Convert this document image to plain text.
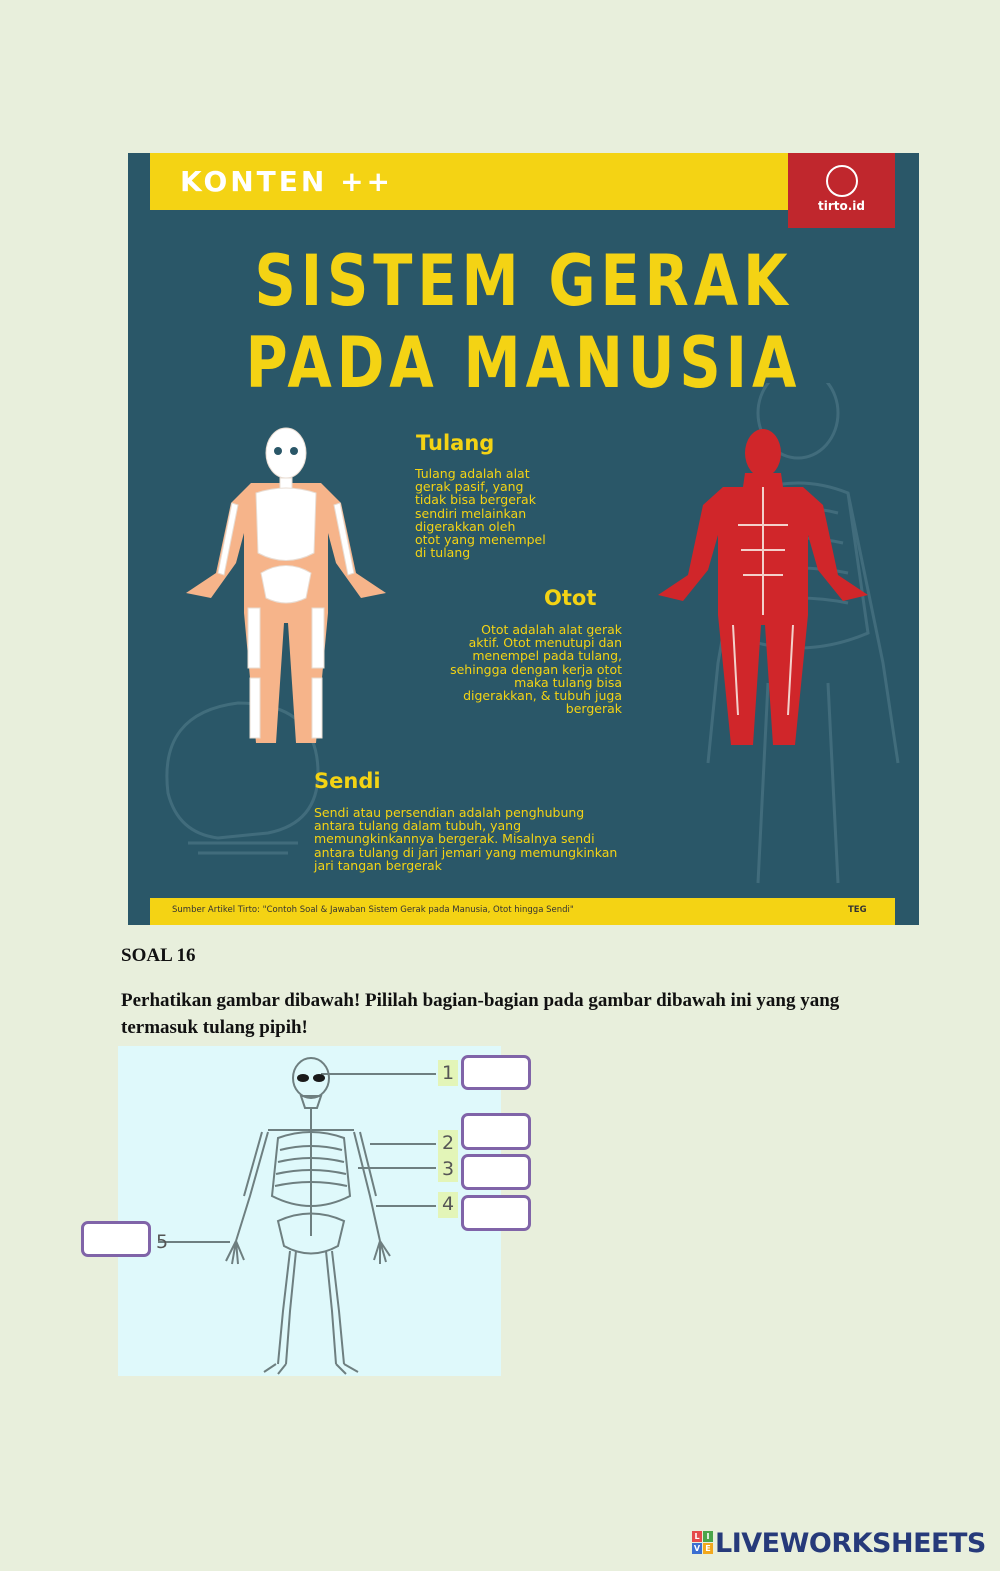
KONTEN ++
tirto.id
SISTEM GERAK
PADA MANUSIA
Tulang
Tulang adalah alat
gerak pasif, yang
tidak bisa bergerak
sendiri melainkan
digerakkan oleh
otot yang menempel
di tulang
Otot
Otot adalah alat gerak
aktif. Otot menutupi dan
menempel pada tulang,
sehingga dengan kerja otot
maka tulang bisa
digerakkan, & tubuh juga
bergerak
Sendi
Sendi atau persendian adalah penghubung
antara tulang dalam tubuh, yang
memungkinkannya bergerak. Misalnya sendi
antara tulang di jari jemari yang memungkinkan
jari tangan bergerak
Sumber Artikel Tirto: "Contoh Soal & Jawaban Sistem Gerak pada Manusia, Otot hingga Sendi"	TEG
SOAL 16
Perhatikan gambar dibawah! Pililah bagian-bagian pada gambar dibawah ini yang yang termasuk tulang pipih!
1
2
3
4
5
L I
V E LIVEWORKSHEETS
